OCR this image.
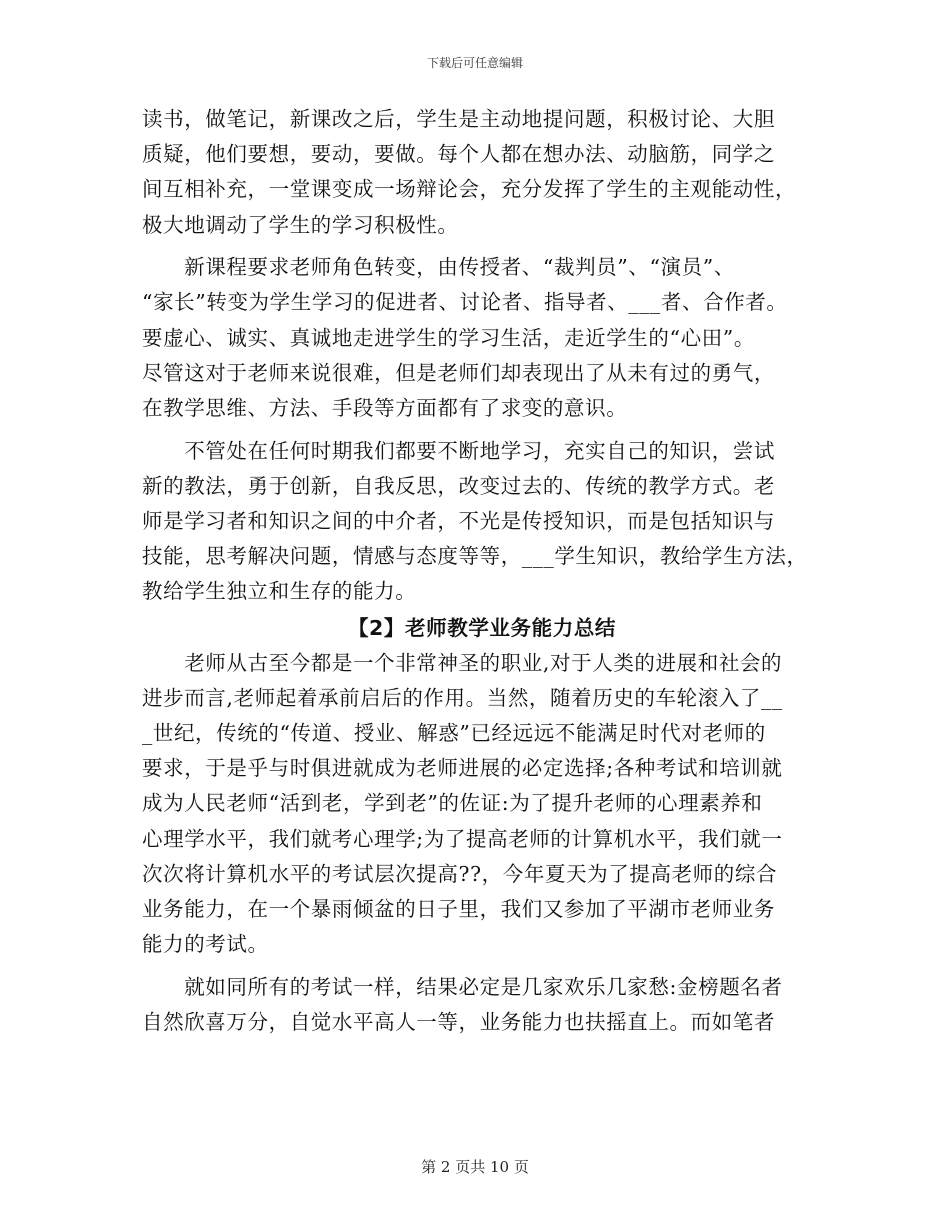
下载后可任意编辑
读书，做笔记，新课改之后，学生是主动地提问题，积极讨论、大胆
质疑，他们要想，要动，要做。每个人都在想办法、动脑筋，同学之
间互相补充，一堂课变成一场辩论会，充分发挥了学生的主观能动性，
极大地调动了学生的学习积极性。
　　新课程要求老师角色转变，由传授者、“裁判员”、“演员”、
“家长”转变为学生学习的促进者、讨论者、指导者、___者、合作者。
要虚心、诚实、真诚地走进学生的学习生活，走近学生的“心田”。
尽管这对于老师来说很难，但是老师们却表现出了从未有过的勇气，
在教学思维、方法、手段等方面都有了求变的意识。
　　不管处在任何时期我们都要不断地学习，充实自己的知识，尝试
新的教法，勇于创新，自我反思，改变过去的、传统的教学方式。老
师是学习者和知识之间的中介者，不光是传授知识，而是包括知识与
技能，思考解决问题，情感与态度等等，___学生知识，教给学生方法，
教给学生独立和生存的能力。
【2】老师教学业务能力总结
　　老师从古至今都是一个非常神圣的职业,对于人类的进展和社会的
进步而言,老师起着承前启后的作用。当然，随着历史的车轮滚入了__
_世纪，传统的“传道、授业、解惑”已经远远不能满足时代对老师的
要求，于是乎与时俱进就成为老师进展的必定选择;各种考试和培训就
成为人民老师“活到老，学到老”的佐证:为了提升老师的心理素养和
心理学水平，我们就考心理学;为了提高老师的计算机水平，我们就一
次次将计算机水平的考试层次提高??，今年夏天为了提高老师的综合
业务能力，在一个暴雨倾盆的日子里，我们又参加了平湖市老师业务
能力的考试。
　　就如同所有的考试一样，结果必定是几家欢乐几家愁:金榜题名者
自然欣喜万分，自觉水平高人一等，业务能力也扶摇直上。而如笔者
第 2 页共 10 页
